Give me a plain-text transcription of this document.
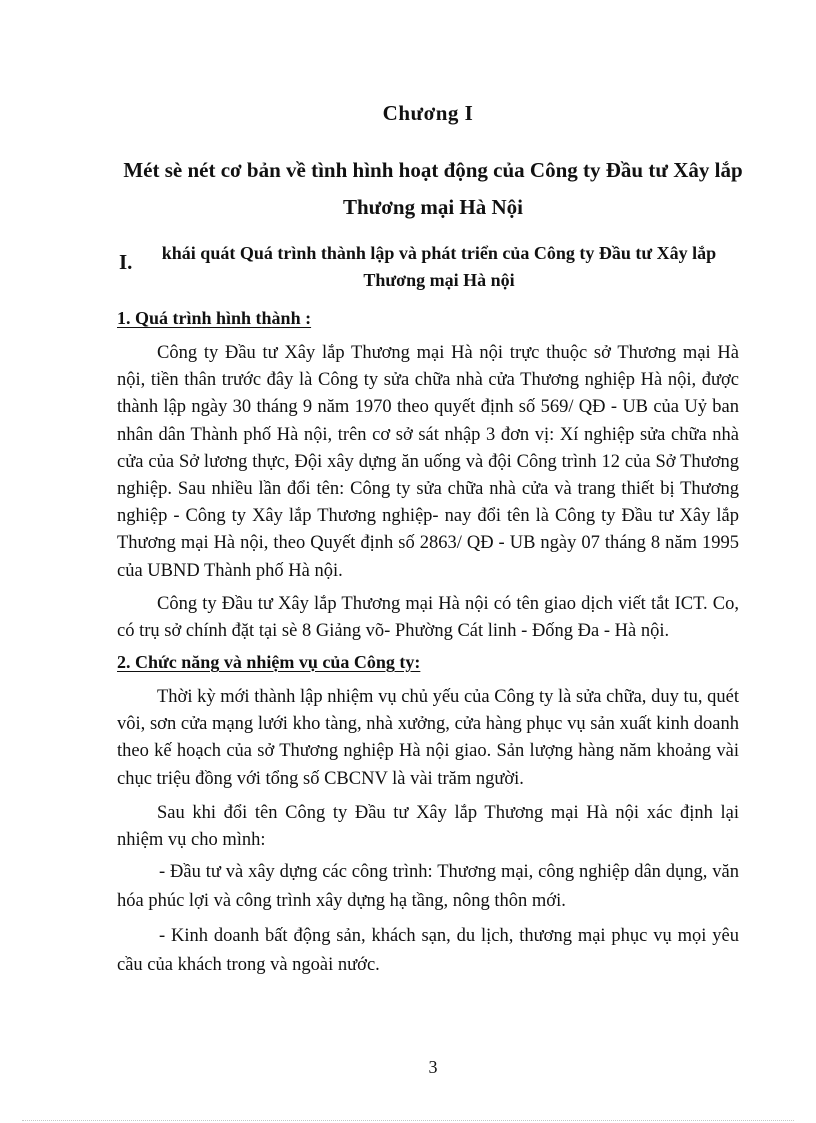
Chương I
Mét sè nét cơ bản về tình hình hoạt động của Công ty Đầu tư Xây lắp Thương mại Hà Nội
I.	khái quát Quá trình thành lập và phát triển của Công ty Đầu tư Xây lắp Thương mại Hà nội
1. Quá trình hình thành :

Công ty Đầu tư Xây lắp Thương mại Hà nội trực thuộc sở Thương mại Hà nội, tiền thân trước đây là Công ty sửa chữa nhà cửa Thương nghiệp Hà nội, được thành lập ngày 30 tháng 9 năm 1970 theo quyết định số 569/ QĐ - UB của Uỷ ban nhân dân Thành phố Hà nội, trên cơ sở sát nhập 3 đơn vị: Xí nghiệp sửa chữa nhà cửa của Sở lương thực, Đội xây dựng ăn uống và đội Công trình 12 của Sở Thương nghiệp. Sau nhiều lần đổi tên: Công ty sửa chữa nhà cửa và trang thiết bị Thương nghiệp - Công ty Xây lắp Thương nghiệp- nay đổi tên là Công ty Đầu tư Xây lắp Thương mại Hà nội, theo Quyết định số 2863/ QĐ - UB ngày 07 tháng 8 năm 1995 của UBND Thành phố Hà nội.

Công ty Đầu tư Xây lắp Thương mại Hà nội có tên giao dịch viết tắt ICT. Co, có trụ sở chính đặt tại sè 8 Giảng võ- Phường Cát linh - Đống Đa - Hà nội.

2. Chức năng và nhiệm vụ của Công ty:

Thời kỳ mới thành lập nhiệm vụ chủ yếu của Công ty là sửa chữa, duy tu, quét vôi, sơn cửa mạng lưới kho tàng, nhà xưởng, cửa hàng phục vụ sản xuất kinh doanh theo kế hoạch của sở Thương nghiệp Hà nội giao. Sản lượng hàng năm khoảng vài chục triệu đồng với tổng số CBCNV là vài trăm người.

Sau khi đổi tên Công ty Đầu tư Xây lắp Thương mại Hà nội xác định lại nhiệm vụ cho mình:

- Đầu tư và xây dựng các công trình: Thương mại, công nghiệp dân dụng, văn hóa phúc lợi và công trình xây dựng hạ tầng, nông thôn mới.

- Kinh doanh bất động sản, khách sạn, du lịch, thương mại phục vụ mọi yêu cầu của khách trong và ngoài nước.

3
